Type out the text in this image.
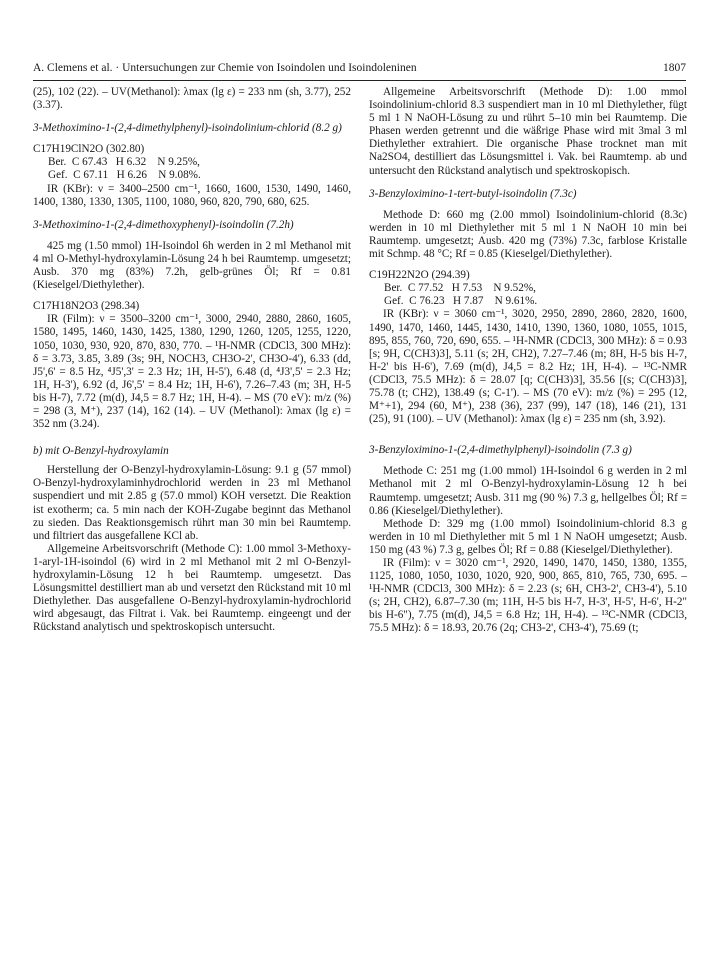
A. Clemens et al. · Untersuchungen zur Chemie von Isoindolen und Isoindoleninen	1807

(25), 102 (22). – UV(Methanol): λmax (lg ε) = 233 nm (sh, 3.77), 252 (3.37).

3-Methoximino-1-(2,4-dimethylphenyl)-isoindolinium-chlorid (8.2 g)

C17H19ClN2O (302.80)

Ber.  C 67.43   H 6.32    N 9.25%,

Gef.  C 67.11   H 6.26    N 9.08%.

IR (KBr): ν = 3400–2500 cm⁻¹, 1660, 1600, 1530, 1490, 1460, 1400, 1380, 1330, 1305, 1100, 1080, 960, 820, 790, 680, 625.

3-Methoximino-1-(2,4-dimethoxyphenyl)-isoindolin (7.2h)

425 mg (1.50 mmol) 1H-Isoindol 6h werden in 2 ml Methanol mit 4 ml O-Methyl-hydroxylamin-Lösung 24 h bei Raumtemp. umgesetzt; Ausb. 370 mg (83%) 7.2h, gelb-grünes Öl; Rf = 0.81 (Kieselgel/Diethylether).

C17H18N2O3 (298.34)

IR (Film): ν = 3500–3200 cm⁻¹, 3000, 2940, 2880, 2860, 1605, 1580, 1495, 1460, 1430, 1425, 1380, 1290, 1260, 1205, 1255, 1220, 1050, 1030, 930, 920, 870, 830, 770. – ¹H-NMR (CDCl3, 300 MHz): δ = 3.73, 3.85, 3.89 (3s; 9H, NOCH3, CH3O-2', CH3O-4'), 6.33 (dd, J5',6' = 8.5 Hz, ⁴J5',3' = 2.3 Hz; 1H, H-5'), 6.48 (d, ⁴J3',5' = 2.3 Hz; 1H, H-3'), 6.92 (d, J6',5' = 8.4 Hz; 1H, H-6'), 7.26–7.43 (m; 3H, H-5 bis H-7), 7.72 (m(d), J4,5 = 8.7 Hz; 1H, H-4). – MS (70 eV): m/z (%) = 298 (3, M⁺), 237 (14), 162 (14). – UV (Methanol): λmax (lg ε) = 352 nm (3.24).

b) mit O-Benzyl-hydroxylamin

Herstellung der O-Benzyl-hydroxylamin-Lösung: 9.1 g (57 mmol) O-Benzyl-hydroxylaminhydrochlorid werden in 23 ml Methanol suspendiert und mit 2.85 g (57.0 mmol) KOH versetzt. Die Reaktion ist exotherm; ca. 5 min nach der KOH-Zugabe beginnt das Methanol zu sieden. Das Reaktionsgemisch rührt man 30 min bei Raumtemp. und filtriert das ausgefallene KCl ab.

Allgemeine Arbeitsvorschrift (Methode C): 1.00 mmol 3-Methoxy-1-aryl-1H-isoindol (6) wird in 2 ml Methanol mit 2 ml O-Benzyl-hydroxylamin-Lösung 12 h bei Raumtemp. umgesetzt. Das Lösungsmittel destilliert man ab und versetzt den Rückstand mit 10 ml Diethylether. Das ausgefallene O-Benzyl-hydroxylamin-hydrochlorid wird abgesaugt, das Filtrat i. Vak. bei Raumtemp. eingeengt und der Rückstand analytisch und spektroskopisch untersucht.

Allgemeine Arbeitsvorschrift (Methode D): 1.00 mmol Isoindolinium-chlorid 8.3 suspendiert man in 10 ml Diethylether, fügt 5 ml 1 N NaOH-Lösung zu und rührt 5–10 min bei Raumtemp. Die Phasen werden getrennt und die wäßrige Phase wird mit 3mal 3 ml Diethylether extrahiert. Die organische Phase trocknet man mit Na2SO4, destilliert das Lösungsmittel i. Vak. bei Raumtemp. ab und untersucht den Rückstand analytisch und spektroskopisch.

3-Benzyloximino-1-tert-butyl-isoindolin (7.3c)

Methode D: 660 mg (2.00 mmol) Isoindolinium-chlorid (8.3c) werden in 10 ml Diethylether mit 5 ml 1 N NaOH 10 min bei Raumtemp. umgesetzt; Ausb. 420 mg (73%) 7.3c, farblose Kristalle mit Schmp. 48 °C; Rf = 0.85 (Kieselgel/Diethylether).

C19H22N2O (294.39)

Ber.  C 77.52   H 7.53    N 9.52%,

Gef.  C 76.23   H 7.87    N 9.61%.

IR (KBr): ν = 3060 cm⁻¹, 3020, 2950, 2890, 2860, 2820, 1600, 1490, 1470, 1460, 1445, 1430, 1410, 1390, 1360, 1080, 1055, 1015, 895, 855, 760, 720, 690, 655. – ¹H-NMR (CDCl3, 300 MHz): δ = 0.93 [s; 9H, C(CH3)3], 5.11 (s; 2H, CH2), 7.27–7.46 (m; 8H, H-5 bis H-7, H-2' bis H-6'), 7.69 (m(d), J4,5 = 8.2 Hz; 1H, H-4). – ¹³C-NMR (CDCl3, 75.5 MHz): δ = 28.07 [q; C(CH3)3], 35.56 [(s; C(CH3)3], 75.78 (t; CH2), 138.49 (s; C-1'). – MS (70 eV): m/z (%) = 295 (12, M⁺+1), 294 (60, M⁺), 238 (36), 237 (99), 147 (18), 146 (21), 131 (25), 91 (100). – UV (Methanol): λmax (lg ε) = 235 nm (sh, 3.92).

3-Benzyloximino-1-(2,4-dimethylphenyl)-isoindolin (7.3 g)

Methode C: 251 mg (1.00 mmol) 1H-Isoindol 6 g werden in 2 ml Methanol mit 2 ml O-Benzyl-hydroxylamin-Lösung 12 h bei Raumtemp. umgesetzt; Ausb. 311 mg (90 %) 7.3 g, hellgelbes Öl; Rf = 0.86 (Kieselgel/Diethylether).

Methode D: 329 mg (1.00 mmol) Isoindolinium-chlorid 8.3 g werden in 10 ml Diethylether mit 5 ml 1 N NaOH umgesetzt; Ausb. 150 mg (43 %) 7.3 g, gelbes Öl; Rf = 0.88 (Kieselgel/Diethylether).

IR (Film): ν = 3020 cm⁻¹, 2920, 1490, 1470, 1450, 1380, 1355, 1125, 1080, 1050, 1030, 1020, 920, 900, 865, 810, 765, 730, 695. – ¹H-NMR (CDCl3, 300 MHz): δ = 2.23 (s; 6H, CH3-2', CH3-4'), 5.10 (s; 2H, CH2), 6.87–7.30 (m; 11H, H-5 bis H-7, H-3', H-5', H-6', H-2" bis H-6"), 7.75 (m(d), J4,5 = 6.8 Hz; 1H, H-4). – ¹³C-NMR (CDCl3, 75.5 MHz): δ = 18.93, 20.76 (2q; CH3-2', CH3-4'), 75.69 (t;
